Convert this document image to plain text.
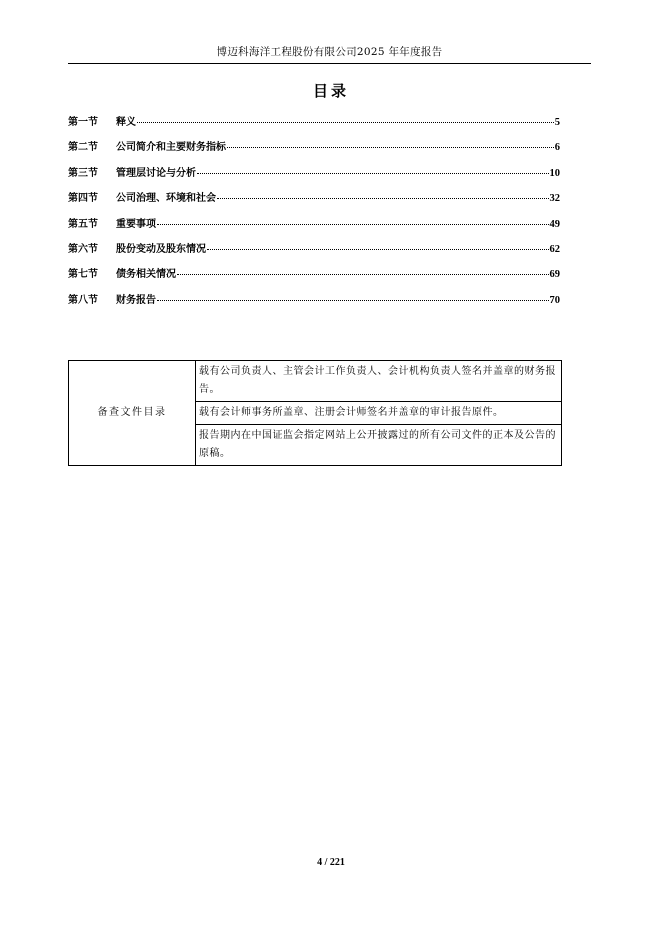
博迈科海洋工程股份有限公司2025 年年度报告
目录
第一节	释义	5
第二节	公司简介和主要财务指标	6
第三节	管理层讨论与分析	10
第四节	公司治理、环境和社会	32
第五节	重要事项	49
第六节	股份变动及股东情况	62
第七节	债务相关情况	69
第八节	财务报告	70
备查文件目录	载有公司负责人、主管会计工作负责人、会计机构负责人签名并盖章的财务报告。
载有会计师事务所盖章、注册会计师签名并盖章的审计报告原件。
报告期内在中国证监会指定网站上公开披露过的所有公司文件的正本及公告的原稿。
4 / 221
